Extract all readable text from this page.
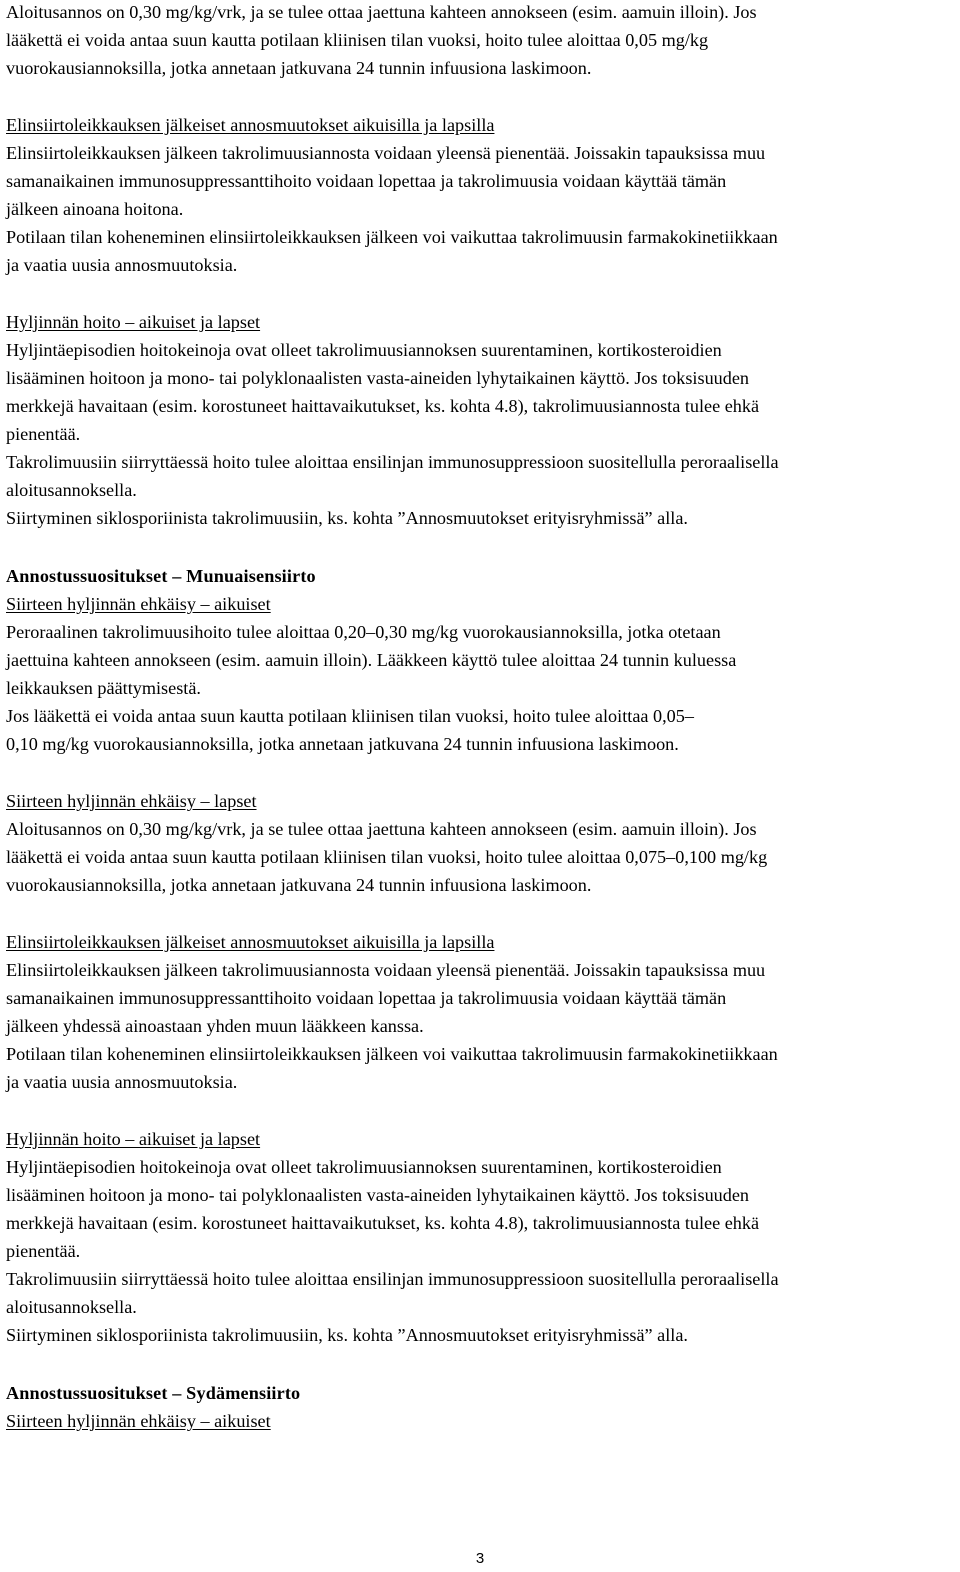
Aloitusannos on 0,30 mg/kg/vrk, ja se tulee ottaa jaettuna kahteen annokseen (esim. aamuin illoin). Jos
lääkettä ei voida antaa suun kautta potilaan kliinisen tilan vuoksi, hoito tulee aloittaa 0,05 mg/kg
vuorokausiannoksilla, jotka annetaan jatkuvana 24 tunnin infuusiona laskimoon.
Elinsiirtoleikkauksen jälkeiset annosmuutokset aikuisilla ja lapsilla
Elinsiirtoleikkauksen jälkeen takrolimuusiannosta voidaan yleensä pienentää. Joissakin tapauksissa muu
samanaikainen immunosuppressanttihoito voidaan lopettaa ja takrolimuusia voidaan käyttää tämän
jälkeen ainoana hoitona.
Potilaan tilan koheneminen elinsiirtoleikkauksen jälkeen voi vaikuttaa takrolimuusin farmakokinetiikkaan
ja vaatia uusia annosmuutoksia.
Hyljinnän hoito – aikuiset ja lapset
Hyljintäepisodien hoitokeinoja ovat olleet takrolimuusiannoksen suurentaminen, kortikosteroidien
lisääminen hoitoon ja mono- tai polyklonaalisten vasta-aineiden lyhytaikainen käyttö. Jos toksisuuden
merkkejä havaitaan (esim. korostuneet haittavaikutukset, ks. kohta 4.8), takrolimuusiannosta tulee ehkä
pienentää.
Takrolimuusiin siirryttäessä hoito tulee aloittaa ensilinjan immunosuppressioon suositellulla peroraalisella
aloitusannoksella.
Siirtyminen siklosporiinista takrolimuusiin, ks. kohta ”Annosmuutokset erityisryhmissä” alla.
Annostussuositukset – Munuaisensiirto
Siirteen hyljinnän ehkäisy – aikuiset
Peroraalinen takrolimuusihoito tulee aloittaa 0,20–0,30 mg/kg vuorokausiannoksilla, jotka otetaan
jaettuina kahteen annokseen (esim. aamuin illoin). Lääkkeen käyttö tulee aloittaa 24 tunnin kuluessa
leikkauksen päättymisestä.
Jos lääkettä ei voida antaa suun kautta potilaan kliinisen tilan vuoksi, hoito tulee aloittaa 0,05–
0,10 mg/kg vuorokausiannoksilla, jotka annetaan jatkuvana 24 tunnin infuusiona laskimoon.
Siirteen hyljinnän ehkäisy – lapset
Aloitusannos on 0,30 mg/kg/vrk, ja se tulee ottaa jaettuna kahteen annokseen (esim. aamuin illoin). Jos
lääkettä ei voida antaa suun kautta potilaan kliinisen tilan vuoksi, hoito tulee aloittaa 0,075–0,100 mg/kg
vuorokausiannoksilla, jotka annetaan jatkuvana 24 tunnin infuusiona laskimoon.
Elinsiirtoleikkauksen jälkeiset annosmuutokset aikuisilla ja lapsilla
Elinsiirtoleikkauksen jälkeen takrolimuusiannosta voidaan yleensä pienentää. Joissakin tapauksissa muu
samanaikainen immunosuppressanttihoito voidaan lopettaa ja takrolimuusia voidaan käyttää tämän
jälkeen yhdessä ainoastaan yhden muun lääkkeen kanssa.
Potilaan tilan koheneminen elinsiirtoleikkauksen jälkeen voi vaikuttaa takrolimuusin farmakokinetiikkaan
ja vaatia uusia annosmuutoksia.
Hyljinnän hoito – aikuiset ja lapset
Hyljintäepisodien hoitokeinoja ovat olleet takrolimuusiannoksen suurentaminen, kortikosteroidien
lisääminen hoitoon ja mono- tai polyklonaalisten vasta-aineiden lyhytaikainen käyttö. Jos toksisuuden
merkkejä havaitaan (esim. korostuneet haittavaikutukset, ks. kohta 4.8), takrolimuusiannosta tulee ehkä
pienentää.
Takrolimuusiin siirryttäessä hoito tulee aloittaa ensilinjan immunosuppressioon suositellulla peroraalisella
aloitusannoksella.
Siirtyminen siklosporiinista takrolimuusiin, ks. kohta ”Annosmuutokset erityisryhmissä” alla.
Annostussuositukset – Sydämensiirto
Siirteen hyljinnän ehkäisy – aikuiset
3
